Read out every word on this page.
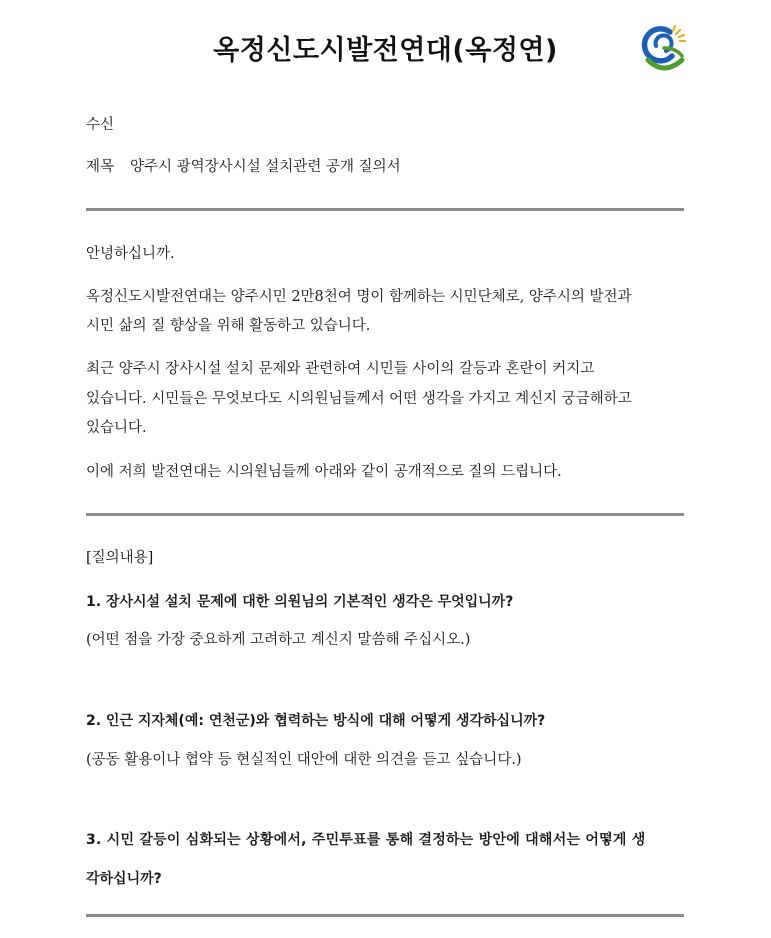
옥정신도시발전연대(옥정연)
수신
제목 양주시 광역장사시설 설치관련 공개 질의서
안녕하십니까.
옥정신도시발전연대는 양주시민 2만8천여 명이 함께하는 시민단체로, 양주시의 발전과
시민 삶의 질 향상을 위해 활동하고 있습니다.
최근 양주시 장사시설 설치 문제와 관련하여 시민들 사이의 갈등과 혼란이 커지고
있습니다. 시민들은 무엇보다도 시의원님들께서 어떤 생각을 가지고 계신지 궁금해하고
있습니다.
이에 저희 발전연대는 시의원님들께 아래와 같이 공개적으로 질의 드립니다.
[질의내용]
1. 장사시설 설치 문제에 대한 의원님의 기본적인 생각은 무엇입니까?
(어떤 점을 가장 중요하게 고려하고 계신지 말씀해 주십시오.)
2. 인근 지자체(예: 연천군)와 협력하는 방식에 대해 어떻게 생각하십니까?
(공동 활용이나 협약 등 현실적인 대안에 대한 의견을 듣고 싶습니다.)
3. 시민 갈등이 심화되는 상황에서, 주민투표를 통해 결정하는 방안에 대해서는 어떻게 생
각하십니까?
